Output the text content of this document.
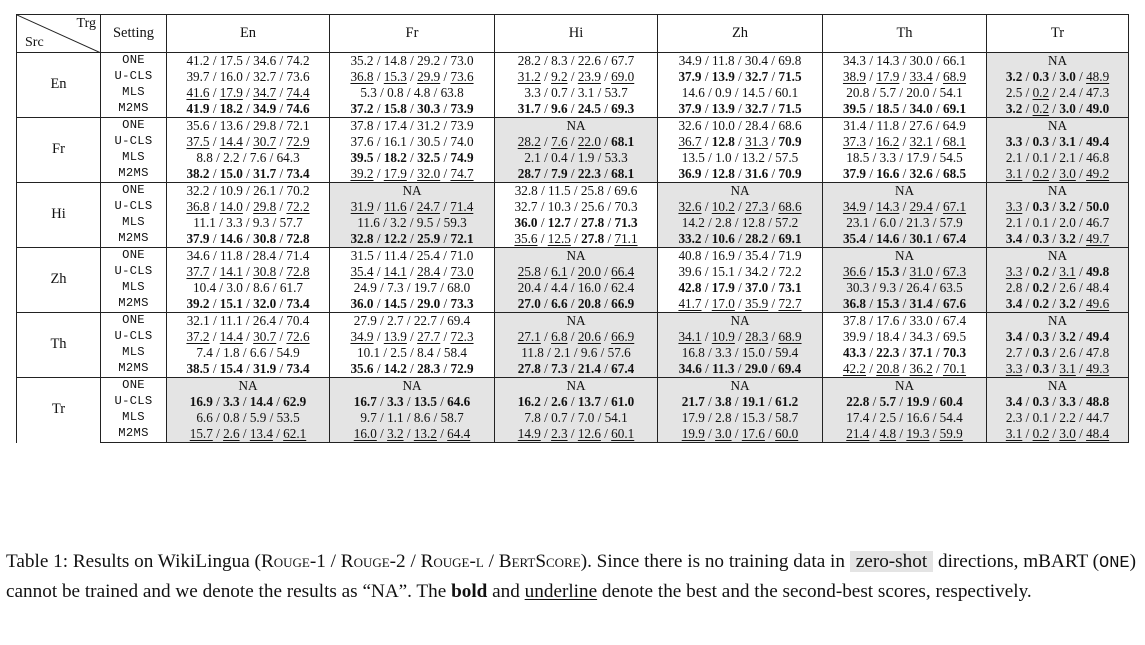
Trg
Src	Setting	En	Fr	Hi	Zh	Th	Tr
En	ONE	41.2 / 17.5 / 34.6 / 74.2	35.2 / 14.8 / 29.2 / 73.0	28.2 / 8.3 / 22.6 / 67.7	34.9 / 11.8 / 30.4 / 69.8	34.3 / 14.3 / 30.0 / 66.1	NA
	U-CLS	39.7 / 16.0 / 32.7 / 73.6	36.8 / 15.3 / 29.9 / 73.6	31.2 / 9.2 / 23.9 / 69.0	37.9 / 13.9 / 32.7 / 71.5	38.9 / 17.9 / 33.4 / 68.9	3.2 / 0.3 / 3.0 / 48.9
	MLS	41.6 / 17.9 / 34.7 / 74.4	5.3 / 0.8 / 4.8 / 63.8	3.3 / 0.7 / 3.1 / 53.7	14.6 / 0.9 / 14.5 / 60.1	20.8 / 5.7 / 20.0 / 54.1	2.5 / 0.2 / 2.4 / 47.3
	M2MS	41.9 / 18.2 / 34.9 / 74.6	37.2 / 15.8 / 30.3 / 73.9	31.7 / 9.6 / 24.5 / 69.3	37.9 / 13.9 / 32.7 / 71.5	39.5 / 18.5 / 34.0 / 69.1	3.2 / 0.2 / 3.0 / 49.0
Fr	ONE	35.6 / 13.6 / 29.8 / 72.1	37.8 / 17.4 / 31.2 / 73.9	NA	32.6 / 10.0 / 28.4 / 68.6	31.4 / 11.8 / 27.6 / 64.9	NA
	U-CLS	37.5 / 14.4 / 30.7 / 72.9	37.6 / 16.1 / 30.5 / 74.0	28.2 / 7.6 / 22.0 / 68.1	36.7 / 12.8 / 31.3 / 70.9	37.3 / 16.2 / 32.1 / 68.1	3.3 / 0.3 / 3.1 / 49.4
	MLS	8.8 / 2.2 / 7.6 / 64.3	39.5 / 18.2 / 32.5 / 74.9	2.1 / 0.4 / 1.9 / 53.3	13.5 / 1.0 / 13.2 / 57.5	18.5 / 3.3 / 17.9 / 54.5	2.1 / 0.1 / 2.1 / 46.8
	M2MS	38.2 / 15.0 / 31.7 / 73.4	39.2 / 17.9 / 32.0 / 74.7	28.7 / 7.9 / 22.3 / 68.1	36.9 / 12.8 / 31.6 / 70.9	37.9 / 16.6 / 32.6 / 68.5	3.1 / 0.2 / 3.0 / 49.2
Hi	ONE	32.2 / 10.9 / 26.1 / 70.2	NA	32.8 / 11.5 / 25.8 / 69.6	NA	NA	NA
	U-CLS	36.8 / 14.0 / 29.8 / 72.2	31.9 / 11.6 / 24.7 / 71.4	32.7 / 10.3 / 25.6 / 70.3	32.6 / 10.2 / 27.3 / 68.6	34.9 / 14.3 / 29.4 / 67.1	3.3 / 0.3 / 3.2 / 50.0
	MLS	11.1 / 3.3 / 9.3 / 57.7	11.6 / 3.2 / 9.5 / 59.3	36.0 / 12.7 / 27.8 / 71.3	14.2 / 2.8 / 12.8 / 57.2	23.1 / 6.0 / 21.3 / 57.9	2.1 / 0.1 / 2.0 / 46.7
	M2MS	37.9 / 14.6 / 30.8 / 72.8	32.8 / 12.2 / 25.9 / 72.1	35.6 / 12.5 / 27.8 / 71.1	33.2 / 10.6 / 28.2 / 69.1	35.4 / 14.6 / 30.1 / 67.4	3.4 / 0.3 / 3.2 / 49.7
Zh	ONE	34.6 / 11.8 / 28.4 / 71.4	31.5 / 11.4 / 25.4 / 71.0	NA	40.8 / 16.9 / 35.4 / 71.9	NA	NA
	U-CLS	37.7 / 14.1 / 30.8 / 72.8	35.4 / 14.1 / 28.4 / 73.0	25.8 / 6.1 / 20.0 / 66.4	39.6 / 15.1 / 34.2 / 72.2	36.6 / 15.3 / 31.0 / 67.3	3.3 / 0.2 / 3.1 / 49.8
	MLS	10.4 / 3.0 / 8.6 / 61.7	24.9 / 7.3 / 19.7 / 68.0	20.4 / 4.4 / 16.0 / 62.4	42.8 / 17.9 / 37.0 / 73.1	30.3 / 9.3 / 26.4 / 63.5	2.8 / 0.2 / 2.6 / 48.4
	M2MS	39.2 / 15.1 / 32.0 / 73.4	36.0 / 14.5 / 29.0 / 73.3	27.0 / 6.6 / 20.8 / 66.9	41.7 / 17.0 / 35.9 / 72.7	36.8 / 15.3 / 31.4 / 67.6	3.4 / 0.2 / 3.2 / 49.6
Th	ONE	32.1 / 11.1 / 26.4 / 70.4	27.9 / 2.7 / 22.7 / 69.4	NA	NA	37.8 / 17.6 / 33.0 / 67.4	NA
	U-CLS	37.2 / 14.4 / 30.7 / 72.6	34.9 / 13.9 / 27.7 / 72.3	27.1 / 6.8 / 20.6 / 66.9	34.1 / 10.9 / 28.3 / 68.9	39.9 / 18.4 / 34.3 / 69.5	3.4 / 0.3 / 3.2 / 49.4
	MLS	7.4 / 1.8 / 6.6 / 54.9	10.1 / 2.5 / 8.4 / 58.4	11.8 / 2.1 / 9.6 / 57.6	16.8 / 3.3 / 15.0 / 59.4	43.3 / 22.3 / 37.1 / 70.3	2.7 / 0.3 / 2.6 / 47.8
	M2MS	38.5 / 15.4 / 31.9 / 73.4	35.6 / 14.2 / 28.3 / 72.9	27.8 / 7.3 / 21.4 / 67.4	34.6 / 11.3 / 29.0 / 69.4	42.2 / 20.8 / 36.2 / 70.1	3.3 / 0.3 / 3.1 / 49.3
Tr	ONE	NA	NA	NA	NA	NA	NA
	U-CLS	16.9 / 3.3 / 14.4 / 62.9	16.7 / 3.3 / 13.5 / 64.6	16.2 / 2.6 / 13.7 / 61.0	21.7 / 3.8 / 19.1 / 61.2	22.8 / 5.7 / 19.9 / 60.4	3.4 / 0.3 / 3.3 / 48.8
	MLS	6.6 / 0.8 / 5.9 / 53.5	9.7 / 1.1 / 8.6 / 58.7	7.8 / 0.7 / 7.0 / 54.1	17.9 / 2.8 / 15.3 / 58.7	17.4 / 2.5 / 16.6 / 54.4	2.3 / 0.1 / 2.2 / 44.7
	M2MS	15.7 / 2.6 / 13.4 / 62.1	16.0 / 3.2 / 13.2 / 64.4	14.9 / 2.3 / 12.6 / 60.1	19.9 / 3.0 / 17.6 / 60.0	21.4 / 4.8 / 19.3 / 59.9	3.1 / 0.2 / 3.0 / 48.4
Table 1: Results on WikiLingua (Rouge-1 / Rouge-2 / Rouge-l / BertScore). Since there is no training data in zero-shot directions, mBART (ONE) cannot be trained and we denote the results as “NA”. The bold and underline denote the best and the second-best scores, respectively.
